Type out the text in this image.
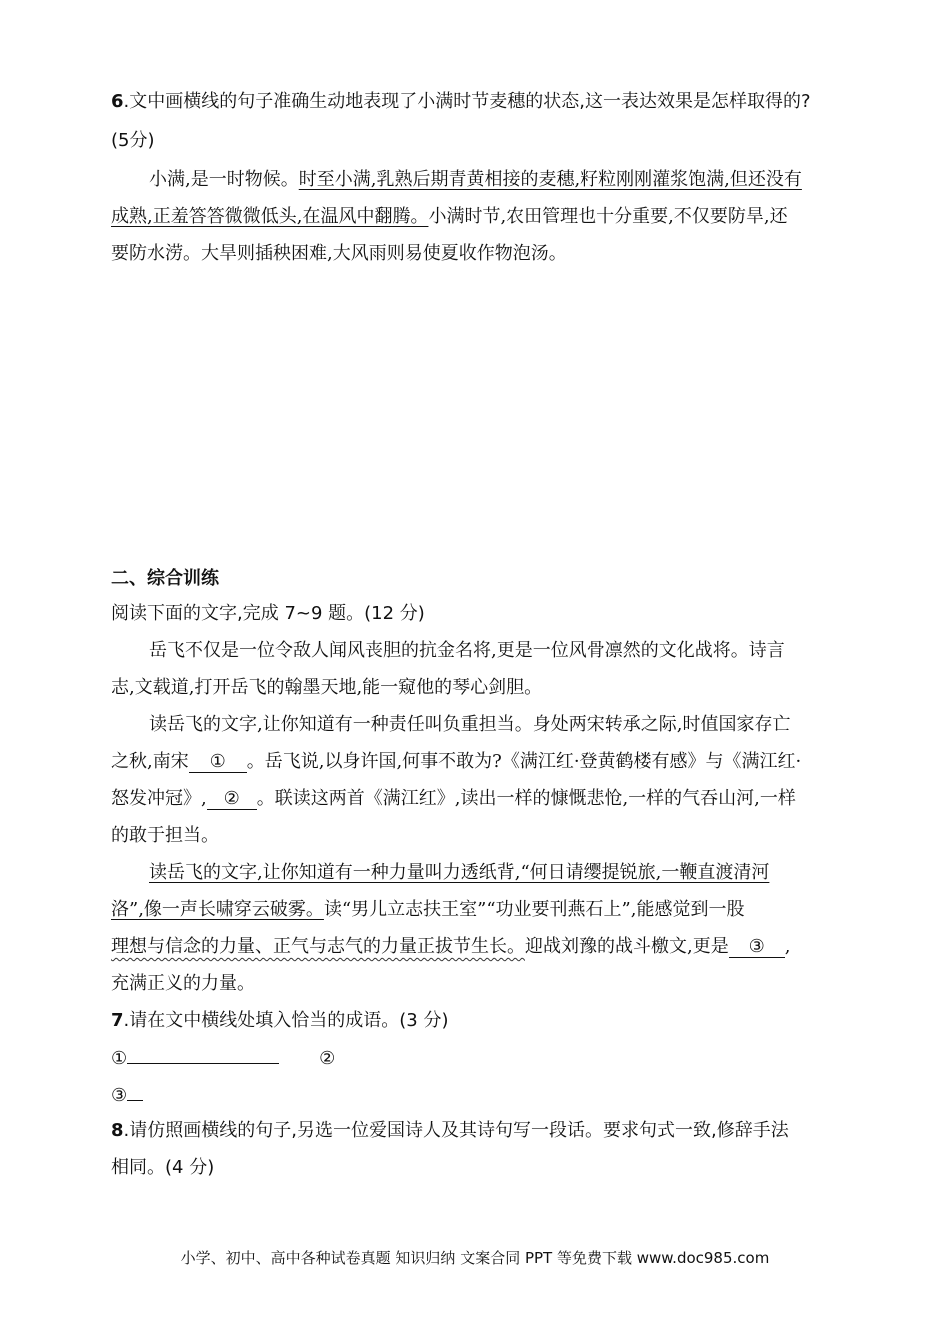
6.文中画横线的句子准确生动地表现了小满时节麦穗的状态,这一表达效果是怎样取得的?
(5分)
小满,是一时物候。时至小满,乳熟后期青黄相接的麦穗,籽粒刚刚灌浆饱满,但还没有
成熟,正羞答答微微低头,在温风中翻腾。小满时节,农田管理也十分重要,不仅要防旱,还
要防水涝。大旱则插秧困难,大风雨则易使夏收作物泡汤。
二、综合训练
阅读下面的文字,完成 7~9 题。(12 分)
岳飞不仅是一位令敌人闻风丧胆的抗金名将,更是一位风骨凛然的文化战将。诗言
志,文载道,打开岳飞的翰墨天地,能一窥他的琴心剑胆。
读岳飞的文字,让你知道有一种责任叫负重担当。身处两宋转承之际,时值国家存亡
之秋,南宋 ① 。岳飞说,以身许国,何事不敢为?《满江红·登黄鹤楼有感》与《满江红·
怒发冲冠》, ② 。联读这两首《满江红》,读出一样的慷慨悲怆,一样的气吞山河,一样
的敢于担当。
读岳飞的文字,让你知道有一种力量叫力透纸背,“何日请缨提锐旅,一鞭直渡清河
洛”,像一声长啸穿云破雾。读“男儿立志扶王室”“功业要刊燕石上”,能感觉到一股
理想与信念的力量、正气与志气的力量正拔节生长。迎战刘豫的战斗檄文,更是 ③ ,
充满正义的力量。
7.请在文中横线处填入恰当的成语。(3 分)
①	②
③
8.请仿照画横线的句子,另选一位爱国诗人及其诗句写一段话。要求句式一致,修辞手法
相同。(4 分)
小学、初中、高中各种试卷真题 知识归纳 文案合同 PPT 等免费下载 www.doc985.com
